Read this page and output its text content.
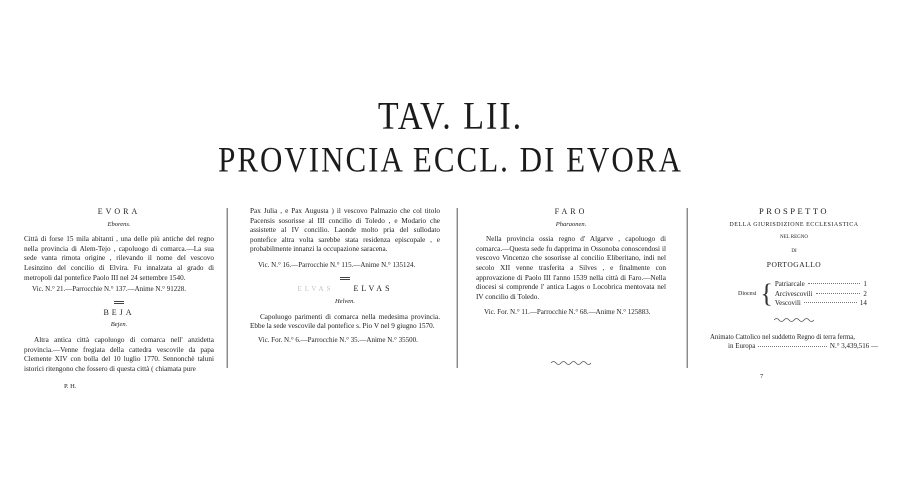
TAV. LII.
PROVINCIA ECCL. DI EVORA
EVORA
Eborens.

Città di forse 15 mila abitanti , una delle più antiche del regno nella provincia di Alem-Tejo , capoluogo di comarca.—La sua sede vanta rimota origine , rilevando il nome del vescovo Lesinzino del concilio di Elvira. Fu innalzata al grado di metropoli dal pontefice Paolo III nel 24 settembre 1540.

Vic. N.° 21.—Parrocchie N.° 137.—Anime N.° 91228.
BEJA
Bejen.

Altra antica città capoluogo di comarca nell' anzidetta provincia.—Venne fregiata della cattedra vescovile da papa Clemente XIV con bolla del 10 luglio 1770. Sennonchè taluni istorici ritengono che fossero di questa città ( chiamata pure

P. H.

Pax Julia , e Pax Augusta ) il vescovo Palmazio che col titolo Pacensis sosorisse al III concilio di Toledo , e Modario che assistette al IV concilio. Laonde molto pria del sullodato pontefice altra volta sarebbe stata residenza episcopale , e probabilmente innanzi la occupazione saracena.

Vic. N.° 16.—Parrocchie N.° 115.—Anime N.° 135124.
ELVAS	ELVAS
Helven.

Capoluogo parimenti di comarca nella medesima provincia. Ebbe la sede vescovile dal pontefice s. Pio V nel 9 giugno 1570.

Vic. For. N.° 6.—Parrocchie N.° 35.—Anime N.° 35500.
FARO
Pharaonen.

Nella provincia ossia regno d' Algarve , capoluogo di comarca.—Questa sede fu dapprima in Ossonoba conoscendosi il vescovo Vincenzo che sosorisse al concilio Eliberitano, indi nel secolo XII venne trasferita a Silves , e finalmente con approvazione di Paolo III l'anno 1539 nella città di Faro.—Nella diocesi si comprende l' antica Lagos o Locobrica mentovata nel IV concilio di Toledo.

Vic. For. N.° 11.—Parrocchie N.° 68.—Anime N.° 125883.
PROSPETTO
DELLA GIURISDIZIONE ECCLESIASTICA
NEL REGNO
DI
PORTOGALLO
Diocesi { Patriarcale	1
Arcivescovili	2
Vescovili	14
Animato Cattolico nel suddetto Regno di terra ferma,
in Europa	N.° 3,439,516 —
7
